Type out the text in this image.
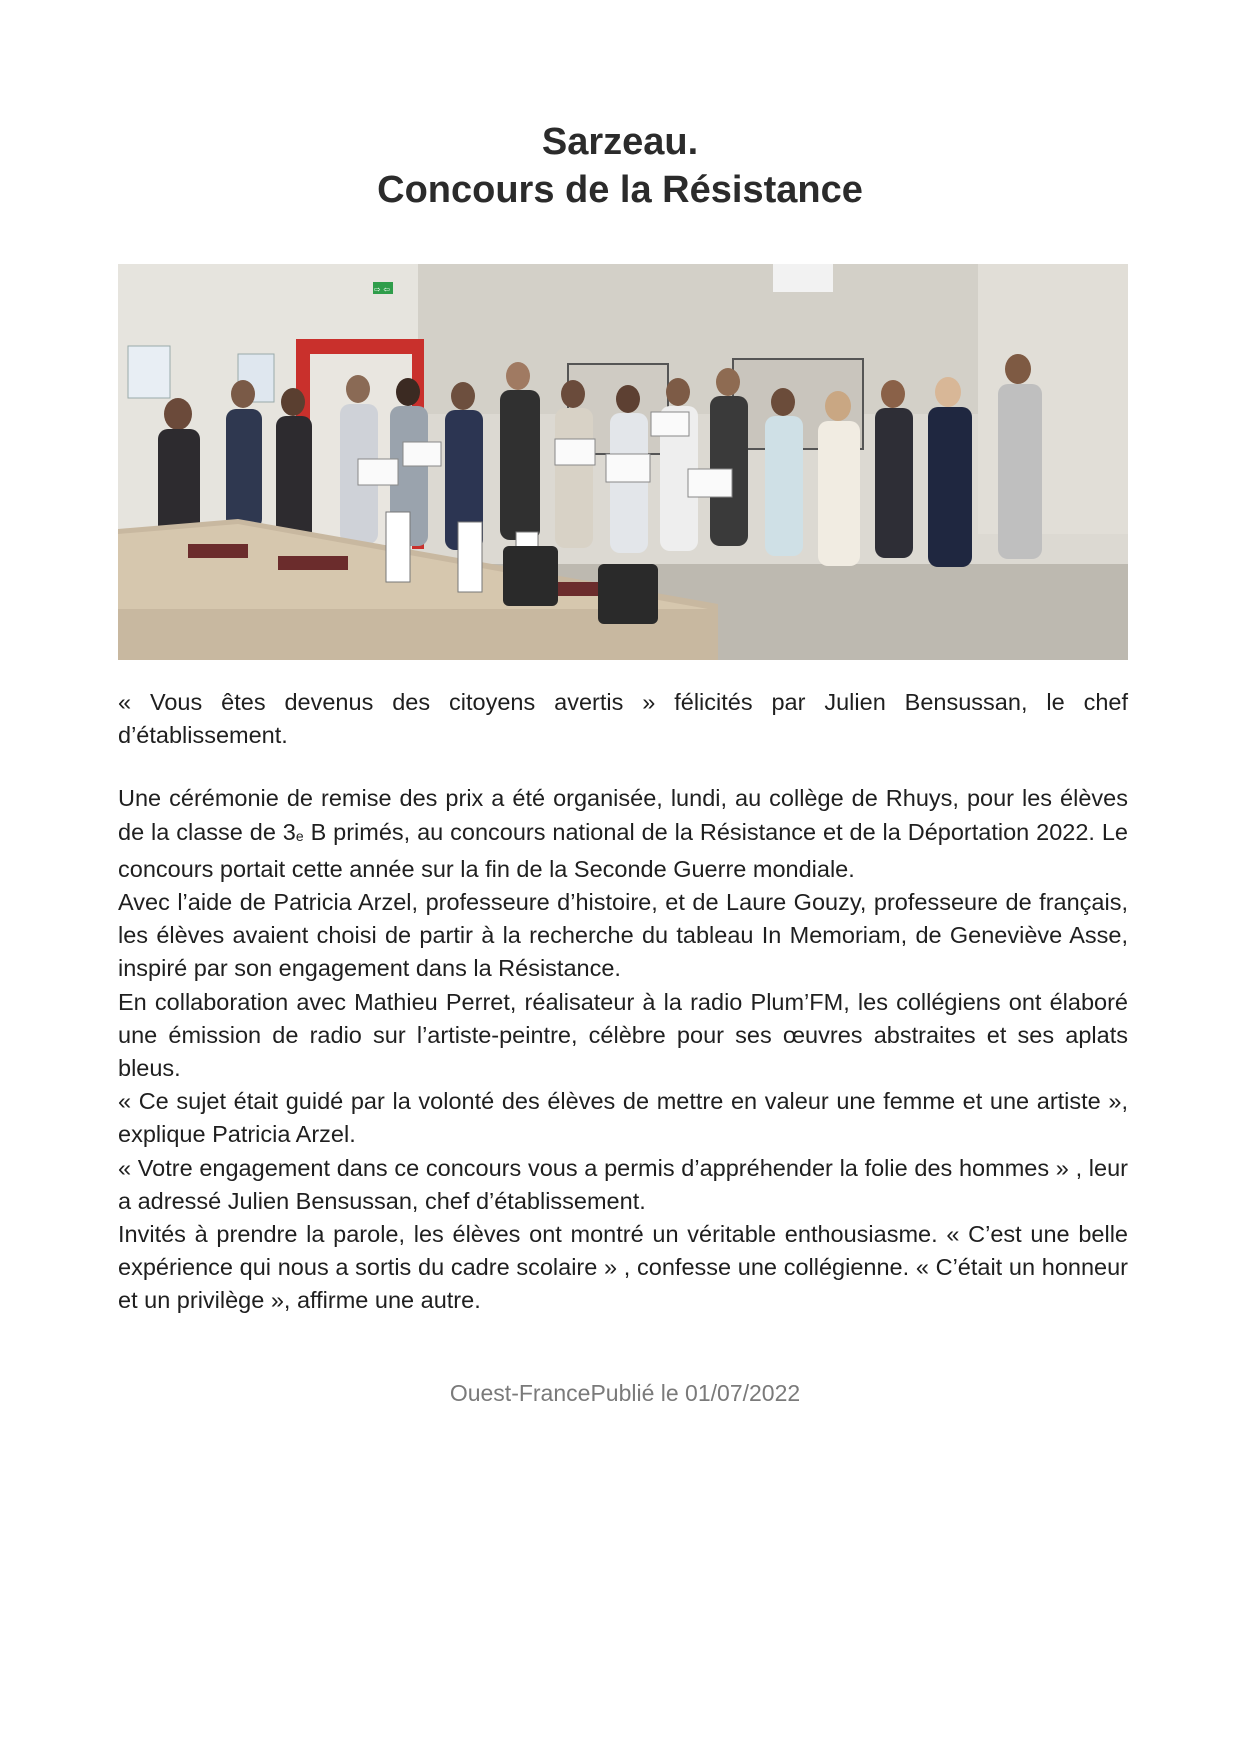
Sarzeau.
Concours de la Résistance
⇨ ⇦

« Vous êtes devenus des citoyens avertis » félicités par Julien Bensussan, le chef d’établissement.

Une cérémonie de remise des prix a été organisée, lundi, au collège de Rhuys, pour les élèves de la classe de 3e B primés, au concours national de la Résistance et de la Déportation 2022. Le concours portait cette année sur la fin de la Seconde Guerre mondiale.

Avec l’aide de Patricia Arzel, professeure d’histoire, et de Laure Gouzy, professeure de français, les élèves avaient choisi de partir à la recherche du tableau In Memoriam, de Geneviève Asse, inspiré par son engagement dans la Résistance.

En collaboration avec Mathieu Perret, réalisateur à la radio Plum’FM, les collégiens ont élaboré une émission de radio sur l’artiste-peintre, célèbre pour ses œuvres abstraites et ses aplats bleus.

« Ce sujet était guidé par la volonté des élèves de mettre en valeur une femme et une artiste », explique Patricia Arzel.

« Votre engagement dans ce concours vous a permis d’appréhender la folie des hommes » , leur a adressé Julien Bensussan, chef d’établissement.

Invités à prendre la parole, les élèves ont montré un véritable enthousiasme. « C’est une belle expérience qui nous a sortis du cadre scolaire » , confesse une collégienne. « C’était un honneur et un privilège », affirme une autre.

Ouest-FrancePublié le 01/07/2022
